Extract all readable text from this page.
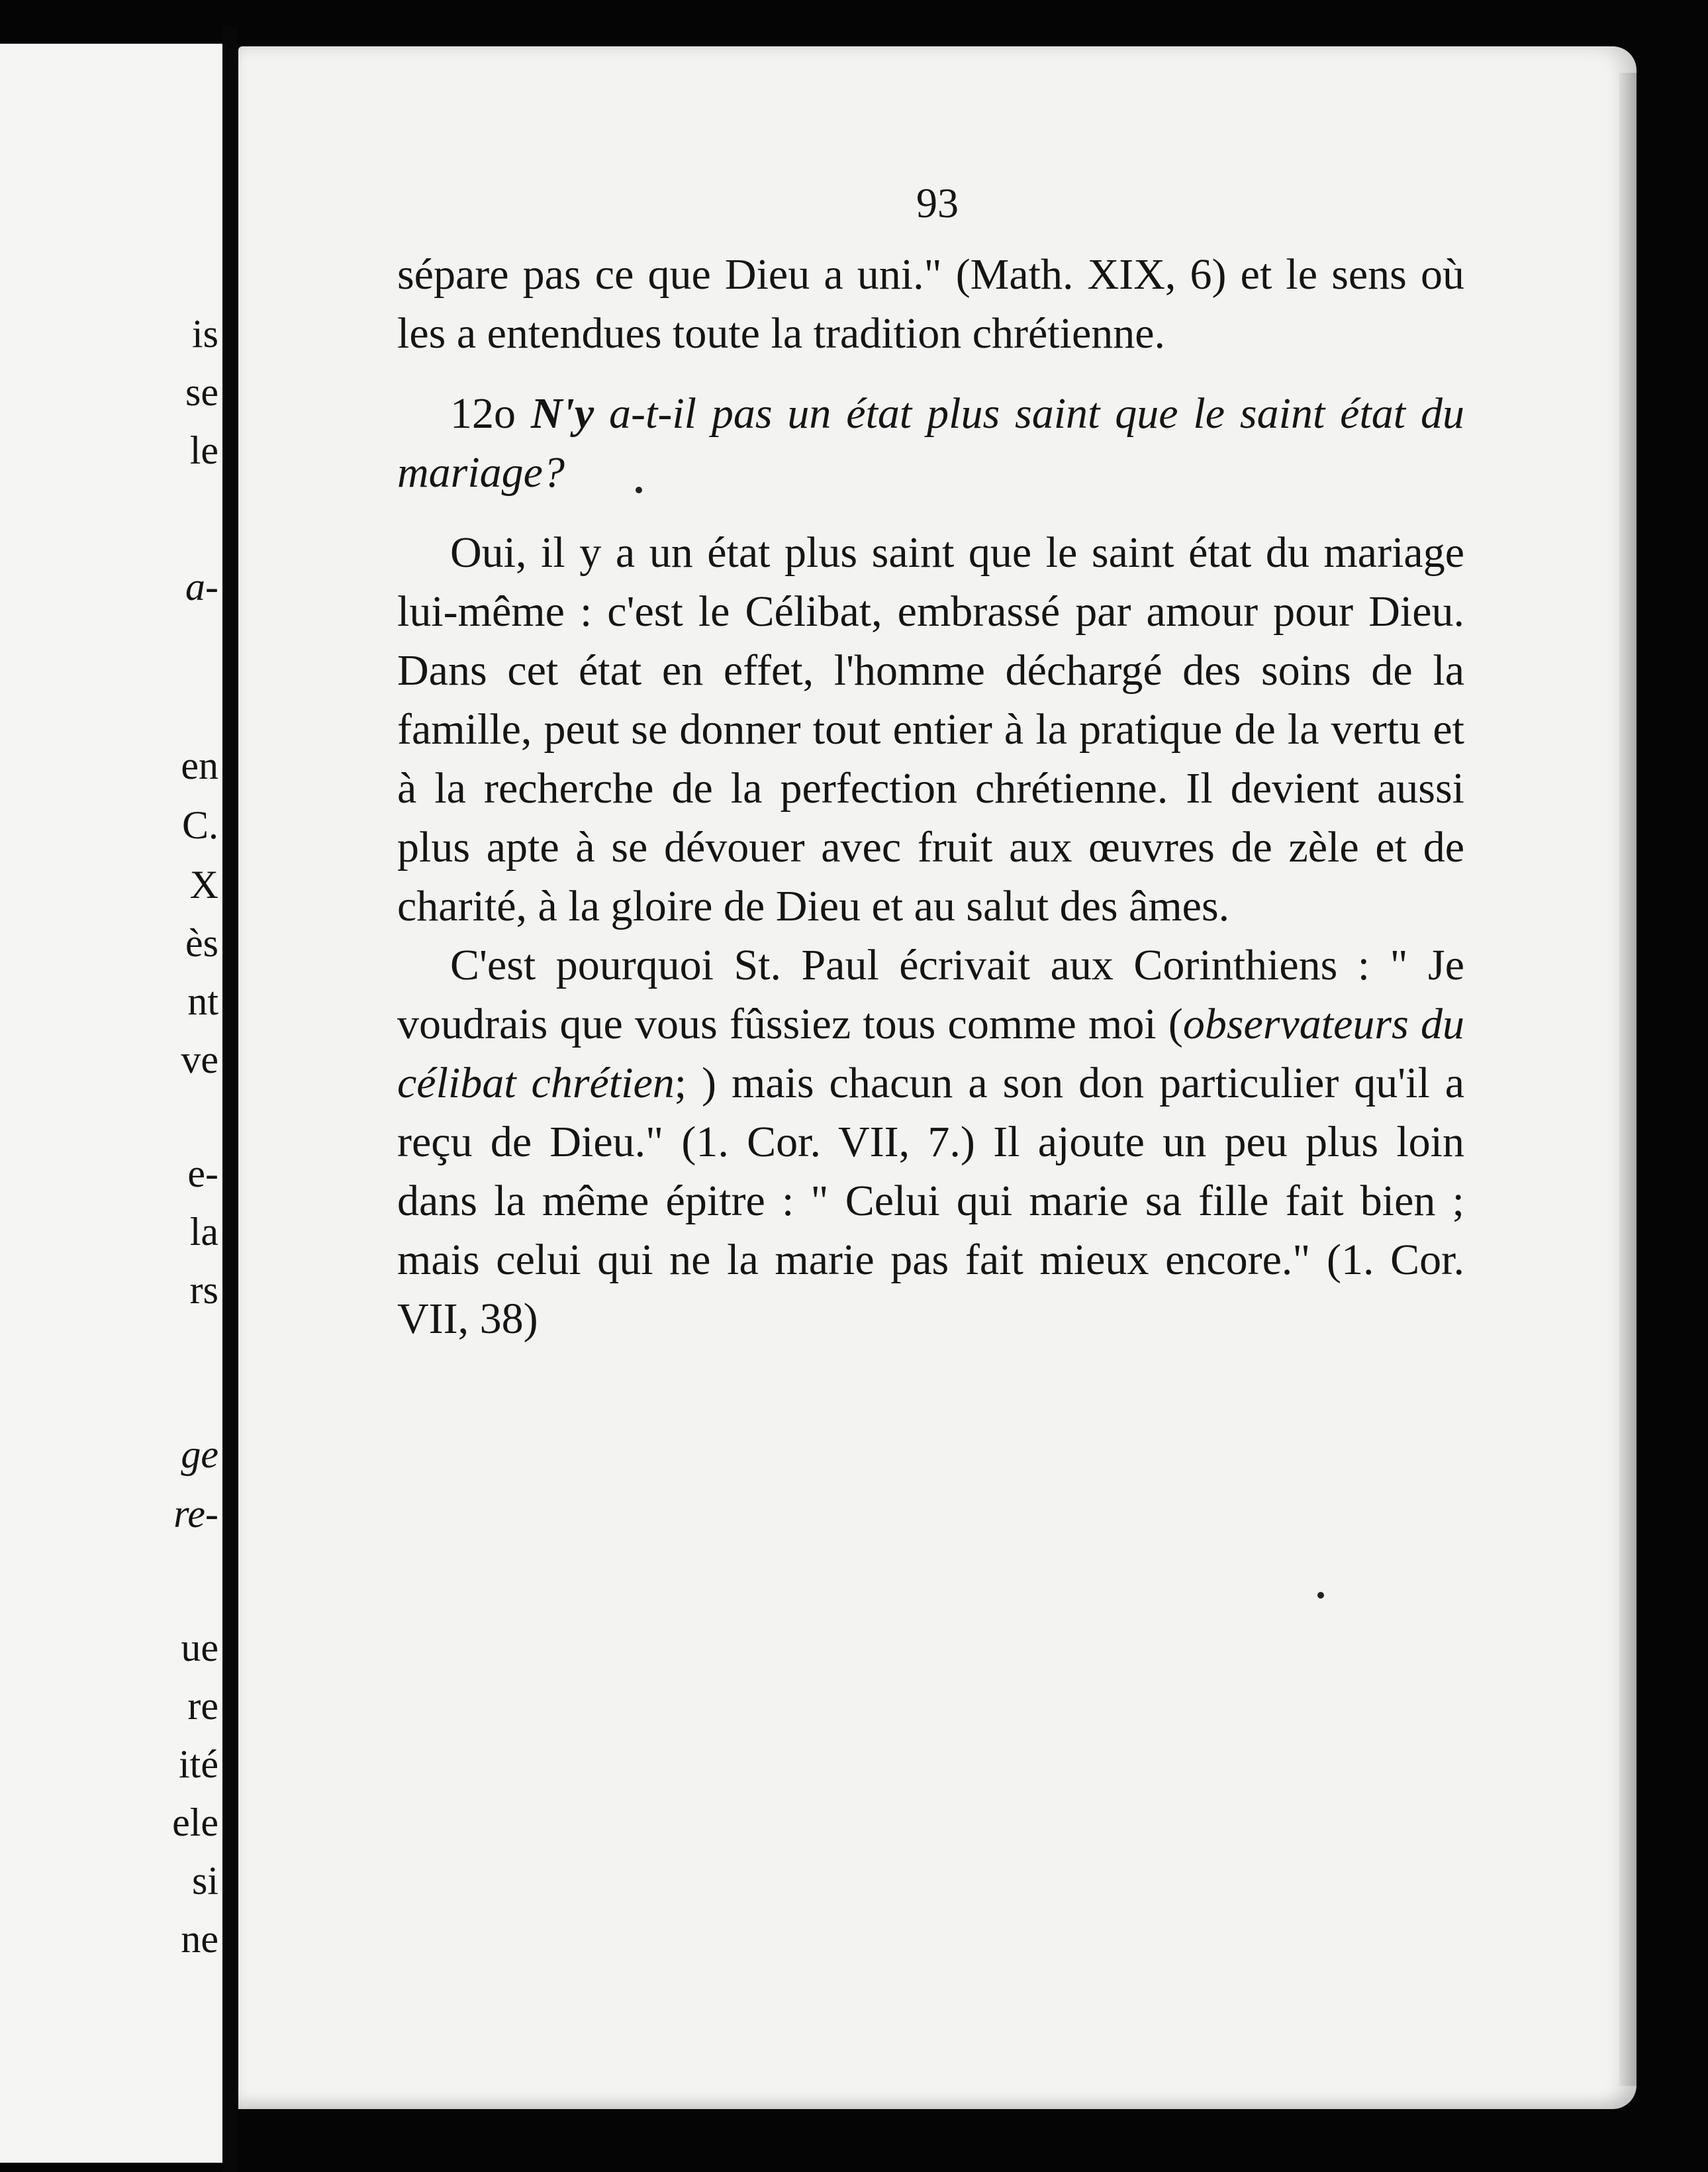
is
se
le
a-
en
C.
X
ès
nt
ve
e-
la
rs
ge
re-
ue
re
ité
ele
si
ne
93

sépare pas ce que Dieu a uni." (Math. XIX, 6) et le sens où les a entendues toute la tradition chrétienne.

12o N'y a-t-il pas un état plus saint que le saint état du mariage?

Oui, il y a un état plus saint que le saint état du mariage lui-même : c'est le Célibat, embrassé par amour pour Dieu. Dans cet état en effet, l'homme déchargé des soins de la famille, peut se donner tout entier à la pratique de la vertu et à la recherche de la perfection chrétienne. Il devient aussi plus apte à se dévouer avec fruit aux œuvres de zèle et de charité, à la gloire de Dieu et au salut des âmes.

C'est pourquoi St. Paul écrivait aux Corinthiens : " Je voudrais que vous fûssiez tous comme moi (observateurs du célibat chrétien; ) mais chacun a son don particulier qu'il a reçu de Dieu." (1. Cor. VII, 7.) Il ajoute un peu plus loin dans la même épitre : " Celui qui marie sa fille fait bien ; mais celui qui ne la marie pas fait mieux encore." (1. Cor. VII, 38)
